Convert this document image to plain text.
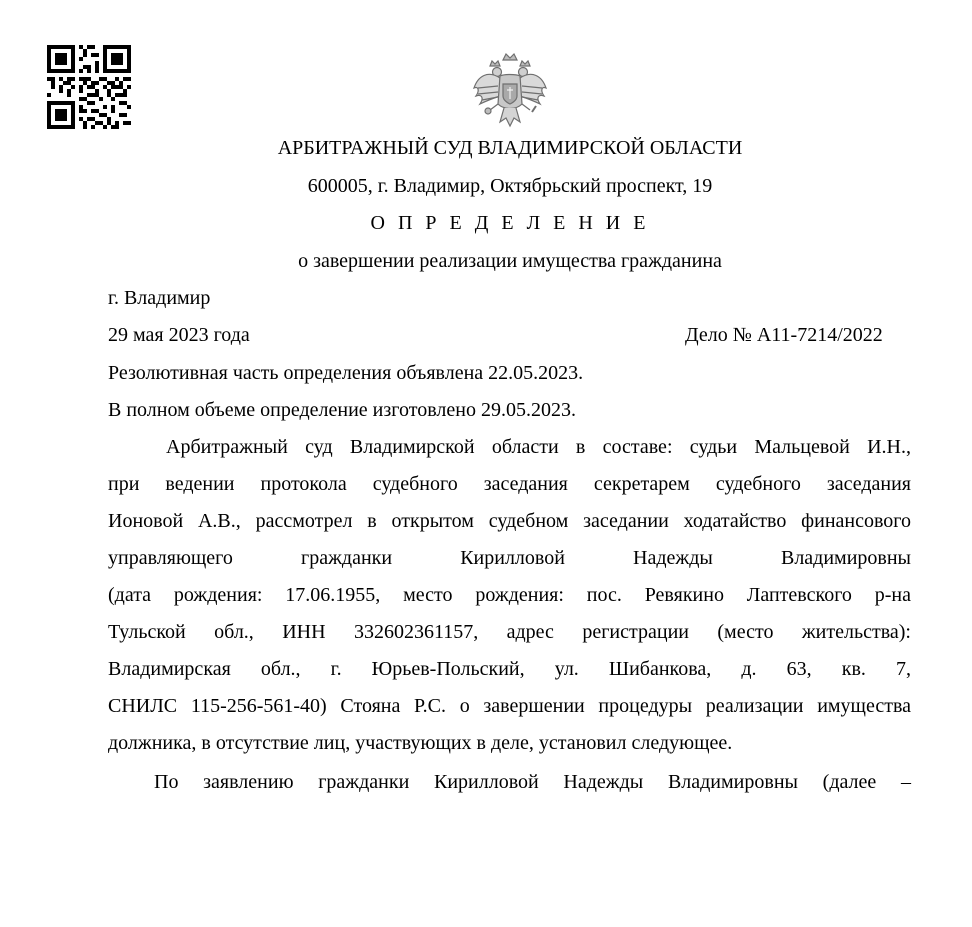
АРБИТРАЖНЫЙ СУД ВЛАДИМИРСКОЙ ОБЛАСТИ
600005, г. Владимир, Октябрьский проспект, 19
О П Р Е Д Е Л Е Н И Е
о завершении реализации имущества гражданина
г. Владимир
29 мая 2023 года	Дело № А11-7214/2022
Резолютивная часть определения объявлена 22.05.2023.
В полном объеме определение изготовлено 29.05.2023.
Арбитражный суд Владимирской области в составе: судьи Мальцевой И.Н.,
при ведении протокола судебного заседания секретарем судебного заседания
Ионовой А.В., рассмотрел в открытом судебном заседании ходатайство финансового
управляющего гражданки Кирилловой Надежды Владимировны
(дата рождения: 17.06.1955, место рождения: пос. Ревякино Лаптевского р-на
Тульской обл., ИНН 332602361157, адрес регистрации (место жительства):
Владимирская обл., г. Юрьев-Польский, ул. Шибанкова, д. 63, кв. 7,
СНИЛС 115-256-561-40) Стояна Р.С. о завершении процедуры реализации имущества
должника, в отсутствие лиц, участвующих в деле, установил следующее.
По заявлению гражданки Кирилловой Надежды Владимировны (далее –
